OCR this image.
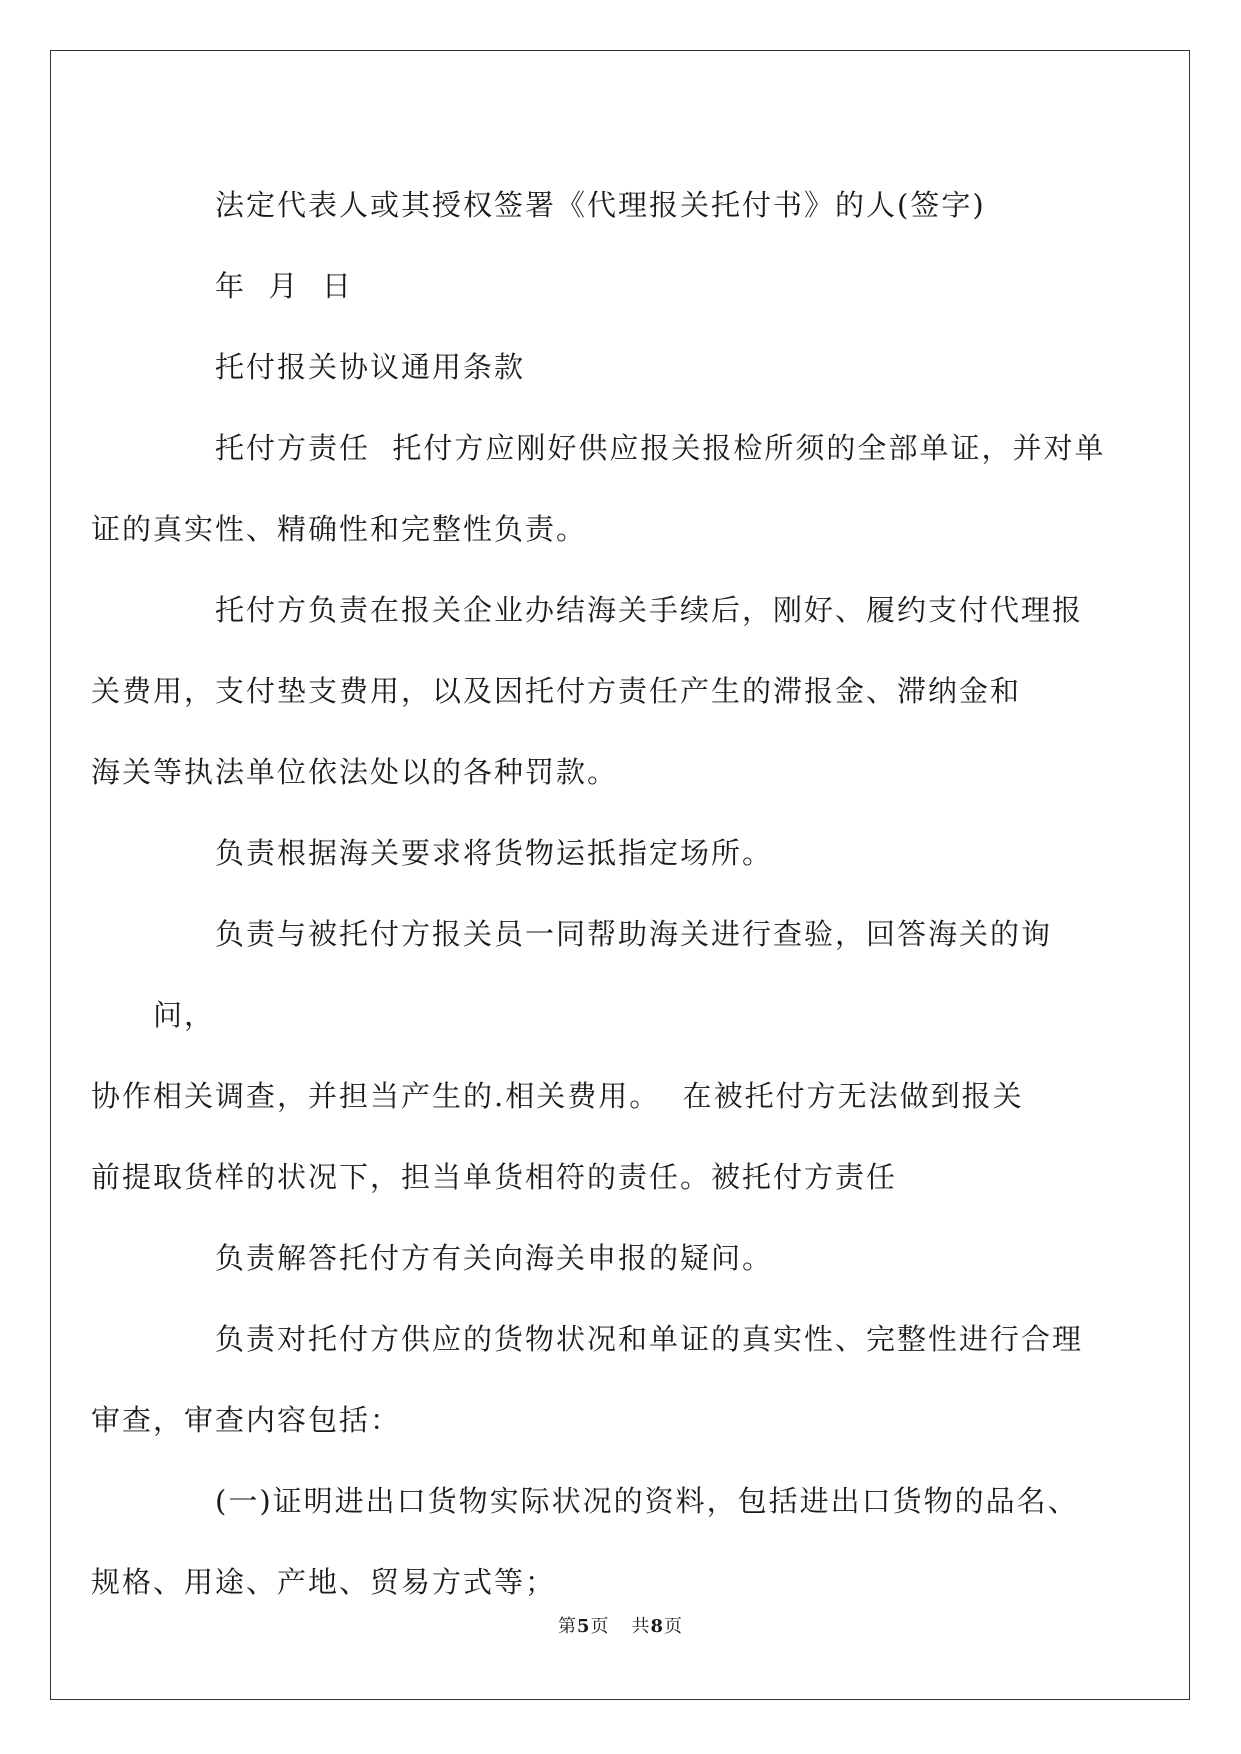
法定代表人或其授权签署《代理报关托付书》的人(签字)

年  月  日

托付报关协议通用条款

托付方责任  托付方应刚好供应报关报检所须的全部单证，并对单
证的真实性、精确性和完整性负责。

托付方负责在报关企业办结海关手续后，刚好、履约支付代理报
关费用，支付垫支费用，以及因托付方责任产生的滞报金、滞纳金和
海关等执法单位依法处以的各种罚款。

负责根据海关要求将货物运抵指定场所。

负责与被托付方报关员一同帮助海关进行查验，回答海关的询问，
协作相关调查，并担当产生的.相关费用。  在被托付方无法做到报关
前提取货样的状况下，担当单货相符的责任。被托付方责任

负责解答托付方有关向海关申报的疑问。

负责对托付方供应的货物状况和单证的真实性、完整性进行合理
审查，审查内容包括：

(一)证明进出口货物实际状况的资料，包括进出口货物的品名、
规格、用途、产地、贸易方式等；

第5页 共8页
